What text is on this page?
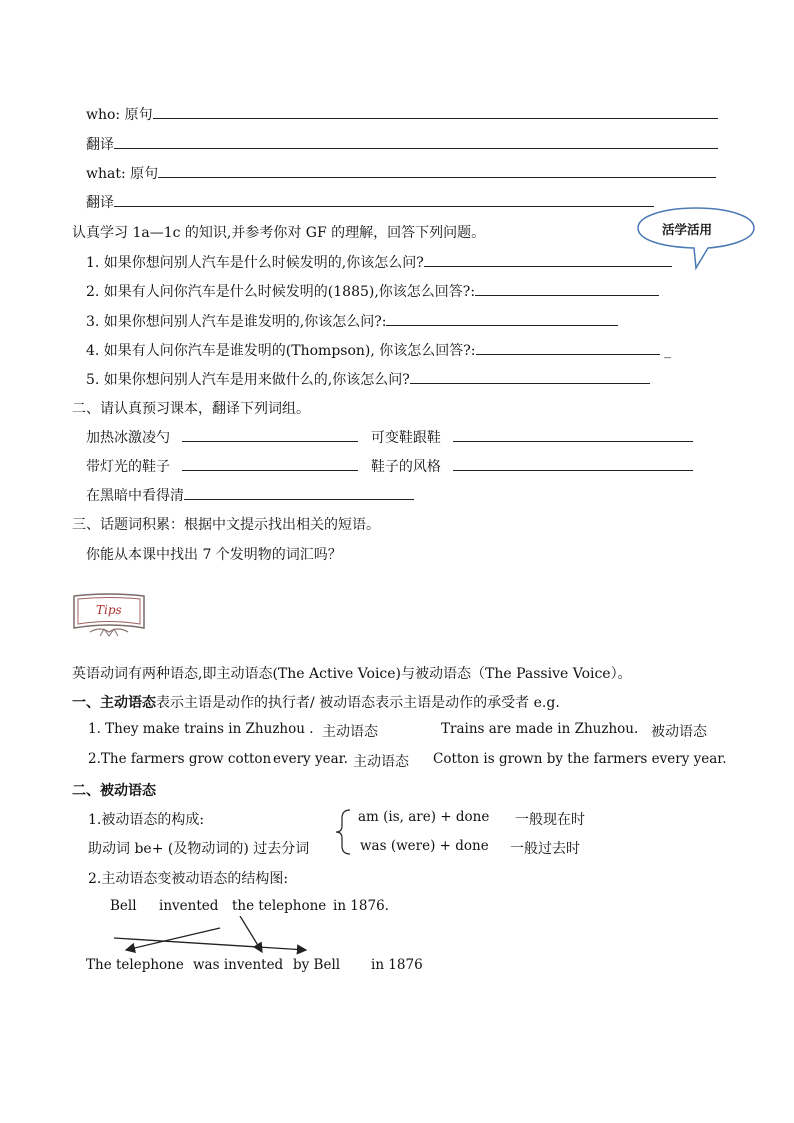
who: 原句
翻译
what: 原句
翻译
活学活用
认真学习 1a—1c 的知识,并参考你对 GF 的理解，回答下列问题。
1. 如果你想问别人汽车是什么时候发明的,你该怎么问?
2. 如果有人问你汽车是什么时候发明的(1885),你该怎么回答?:
3. 如果你想问别人汽车是谁发明的,你该怎么问?:
4. 如果有人问你汽车是谁发明的(Thompson), 你该怎么回答?:	_
5. 如果你想问别人汽车是用来做什么的,你该怎么问?
二、请认真预习课本，翻译下列词组。
加热冰激凌勺	可变鞋跟鞋
带灯光的鞋子	鞋子的风格
在黑暗中看得清
三、话题词积累：根据中文提示找出相关的短语。
你能从本课中找出 7 个发明物的词汇吗？
Tips
英语动词有两种语态,即主动语态(The Active Voice)与被动语态（The Passive Voice）。
一、主动语态表示主语是动作的执行者/ 被动语态表示主语是动作的承受者 e.g.
1. They make trains in Zhuzhou . 主动语态	Trains are made in Zhuzhou. 被动语态
2.The farmers grow cotton every year. 主动语态 Cotton is grown by the farmers every year.
二、被动语态
1.被动语态的构成:
助动词 be+ (及物动词的) 过去分词
am (is, are) + done 一般现在时
was (were) + done 一般过去时
2.主动语态变被动语态的结构图:
Bell invented the telephone in 1876.
The telephone was invented by Bell in 1876
